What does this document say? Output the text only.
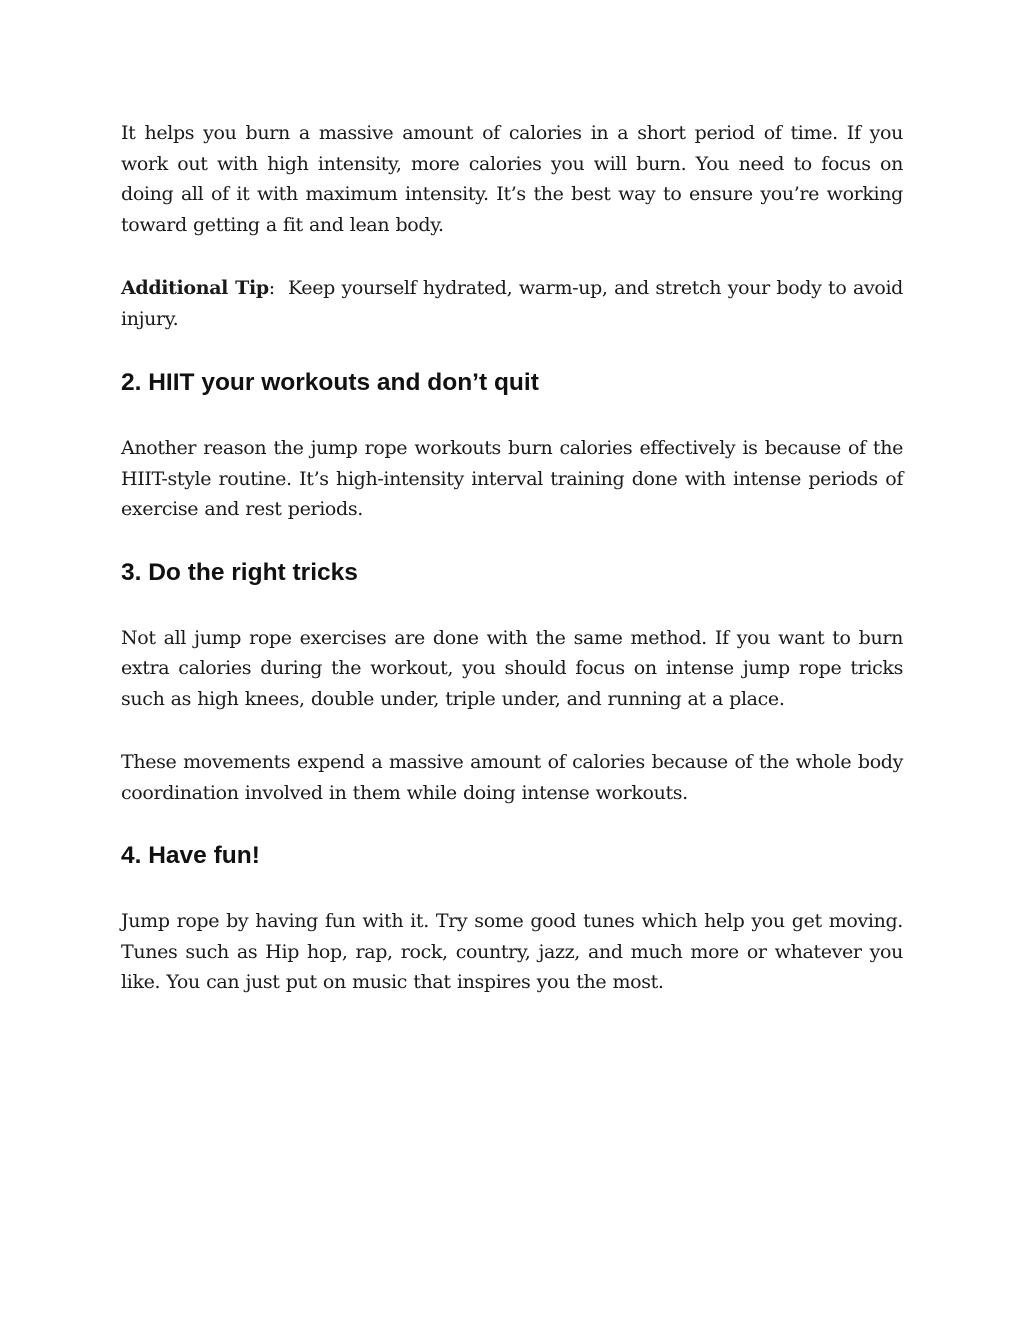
It helps you burn a massive amount of calories in a short period of time. If you work out with high intensity, more calories you will burn. You need to focus on doing all of it with maximum intensity. It’s the best way to ensure you’re working toward getting a fit and lean body.

Additional Tip: Keep yourself hydrated, warm-up, and stretch your body to avoid injury.

2. HIIT your workouts and don’t quit

Another reason the jump rope workouts burn calories effectively is because of the HIIT-style routine. It’s high-intensity interval training done with intense periods of exercise and rest periods.

3. Do the right tricks

Not all jump rope exercises are done with the same method. If you want to burn extra calories during the workout, you should focus on intense jump rope tricks such as high knees, double under, triple under, and running at a place.

These movements expend a massive amount of calories because of the whole body coordination involved in them while doing intense workouts.

4. Have fun!

Jump rope by having fun with it. Try some good tunes which help you get moving. Tunes such as Hip hop, rap, rock, country, jazz, and much more or whatever you like. You can just put on music that inspires you the most.
